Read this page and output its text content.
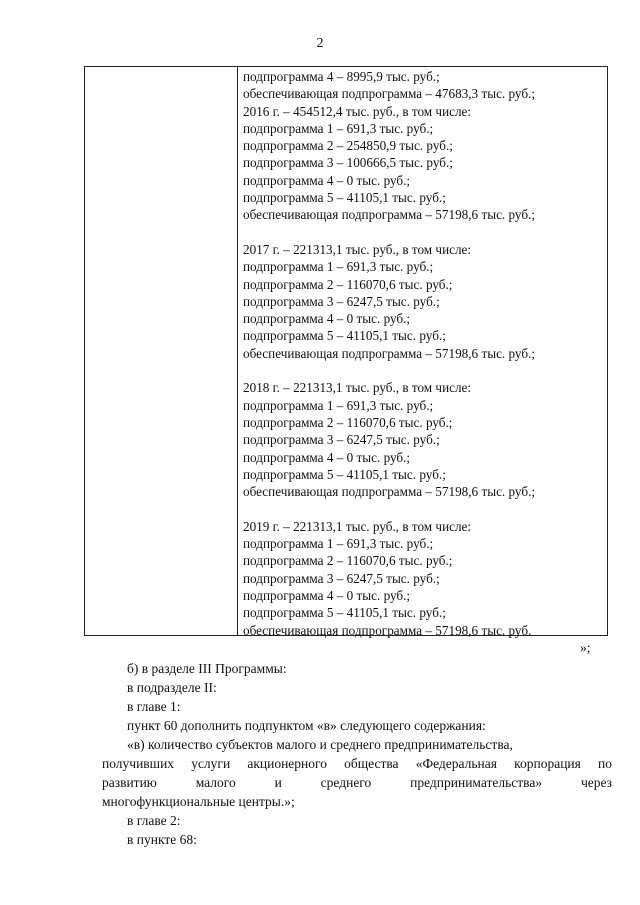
2
подпрограмма 4 – 8995,9 тыс. руб.;
обеспечивающая подпрограмма – 47683,3 тыс. руб.;
2016 г. – 454512,4 тыс. руб., в том числе:
подпрограмма 1 – 691,3 тыс. руб.;
подпрограмма 2 – 254850,9 тыс. руб.;
подпрограмма 3 – 100666,5 тыс. руб.;
подпрограмма 4 – 0 тыс. руб.;
подпрограмма 5 – 41105,1 тыс. руб.;
обеспечивающая подпрограмма – 57198,6 тыс. руб.;
2017 г. – 221313,1 тыс. руб., в том числе:
подпрограмма 1 – 691,3 тыс. руб.;
подпрограмма 2 – 116070,6 тыс. руб.;
подпрограмма 3 – 6247,5 тыс. руб.;
подпрограмма 4 – 0 тыс. руб.;
подпрограмма 5 – 41105,1 тыс. руб.;
обеспечивающая подпрограмма – 57198,6 тыс. руб.;
2018 г. – 221313,1 тыс. руб., в том числе:
подпрограмма 1 – 691,3 тыс. руб.;
подпрограмма 2 – 116070,6 тыс. руб.;
подпрограмма 3 – 6247,5 тыс. руб.;
подпрограмма 4 – 0 тыс. руб.;
подпрограмма 5 – 41105,1 тыс. руб.;
обеспечивающая подпрограмма – 57198,6 тыс. руб.;
2019 г. – 221313,1 тыс. руб., в том числе:
подпрограмма 1 – 691,3 тыс. руб.;
подпрограмма 2 – 116070,6 тыс. руб.;
подпрограмма 3 – 6247,5 тыс. руб.;
подпрограмма 4 – 0 тыс. руб.;
подпрограмма 5 – 41105,1 тыс. руб.;
обеспечивающая подпрограмма – 57198,6 тыс. руб.
»;
б) в разделе III Программы:
в подразделе II:
в главе 1:
пункт 60 дополнить подпунктом «в» следующего содержания:
«в) количество субъектов малого и среднего предпринимательства,
получивших услуги акционерного общества «Федеральная корпорация по
развитию малого и среднего предпринимательства» через
многофункциональные центры.»;
в главе 2:
в пункте 68:
